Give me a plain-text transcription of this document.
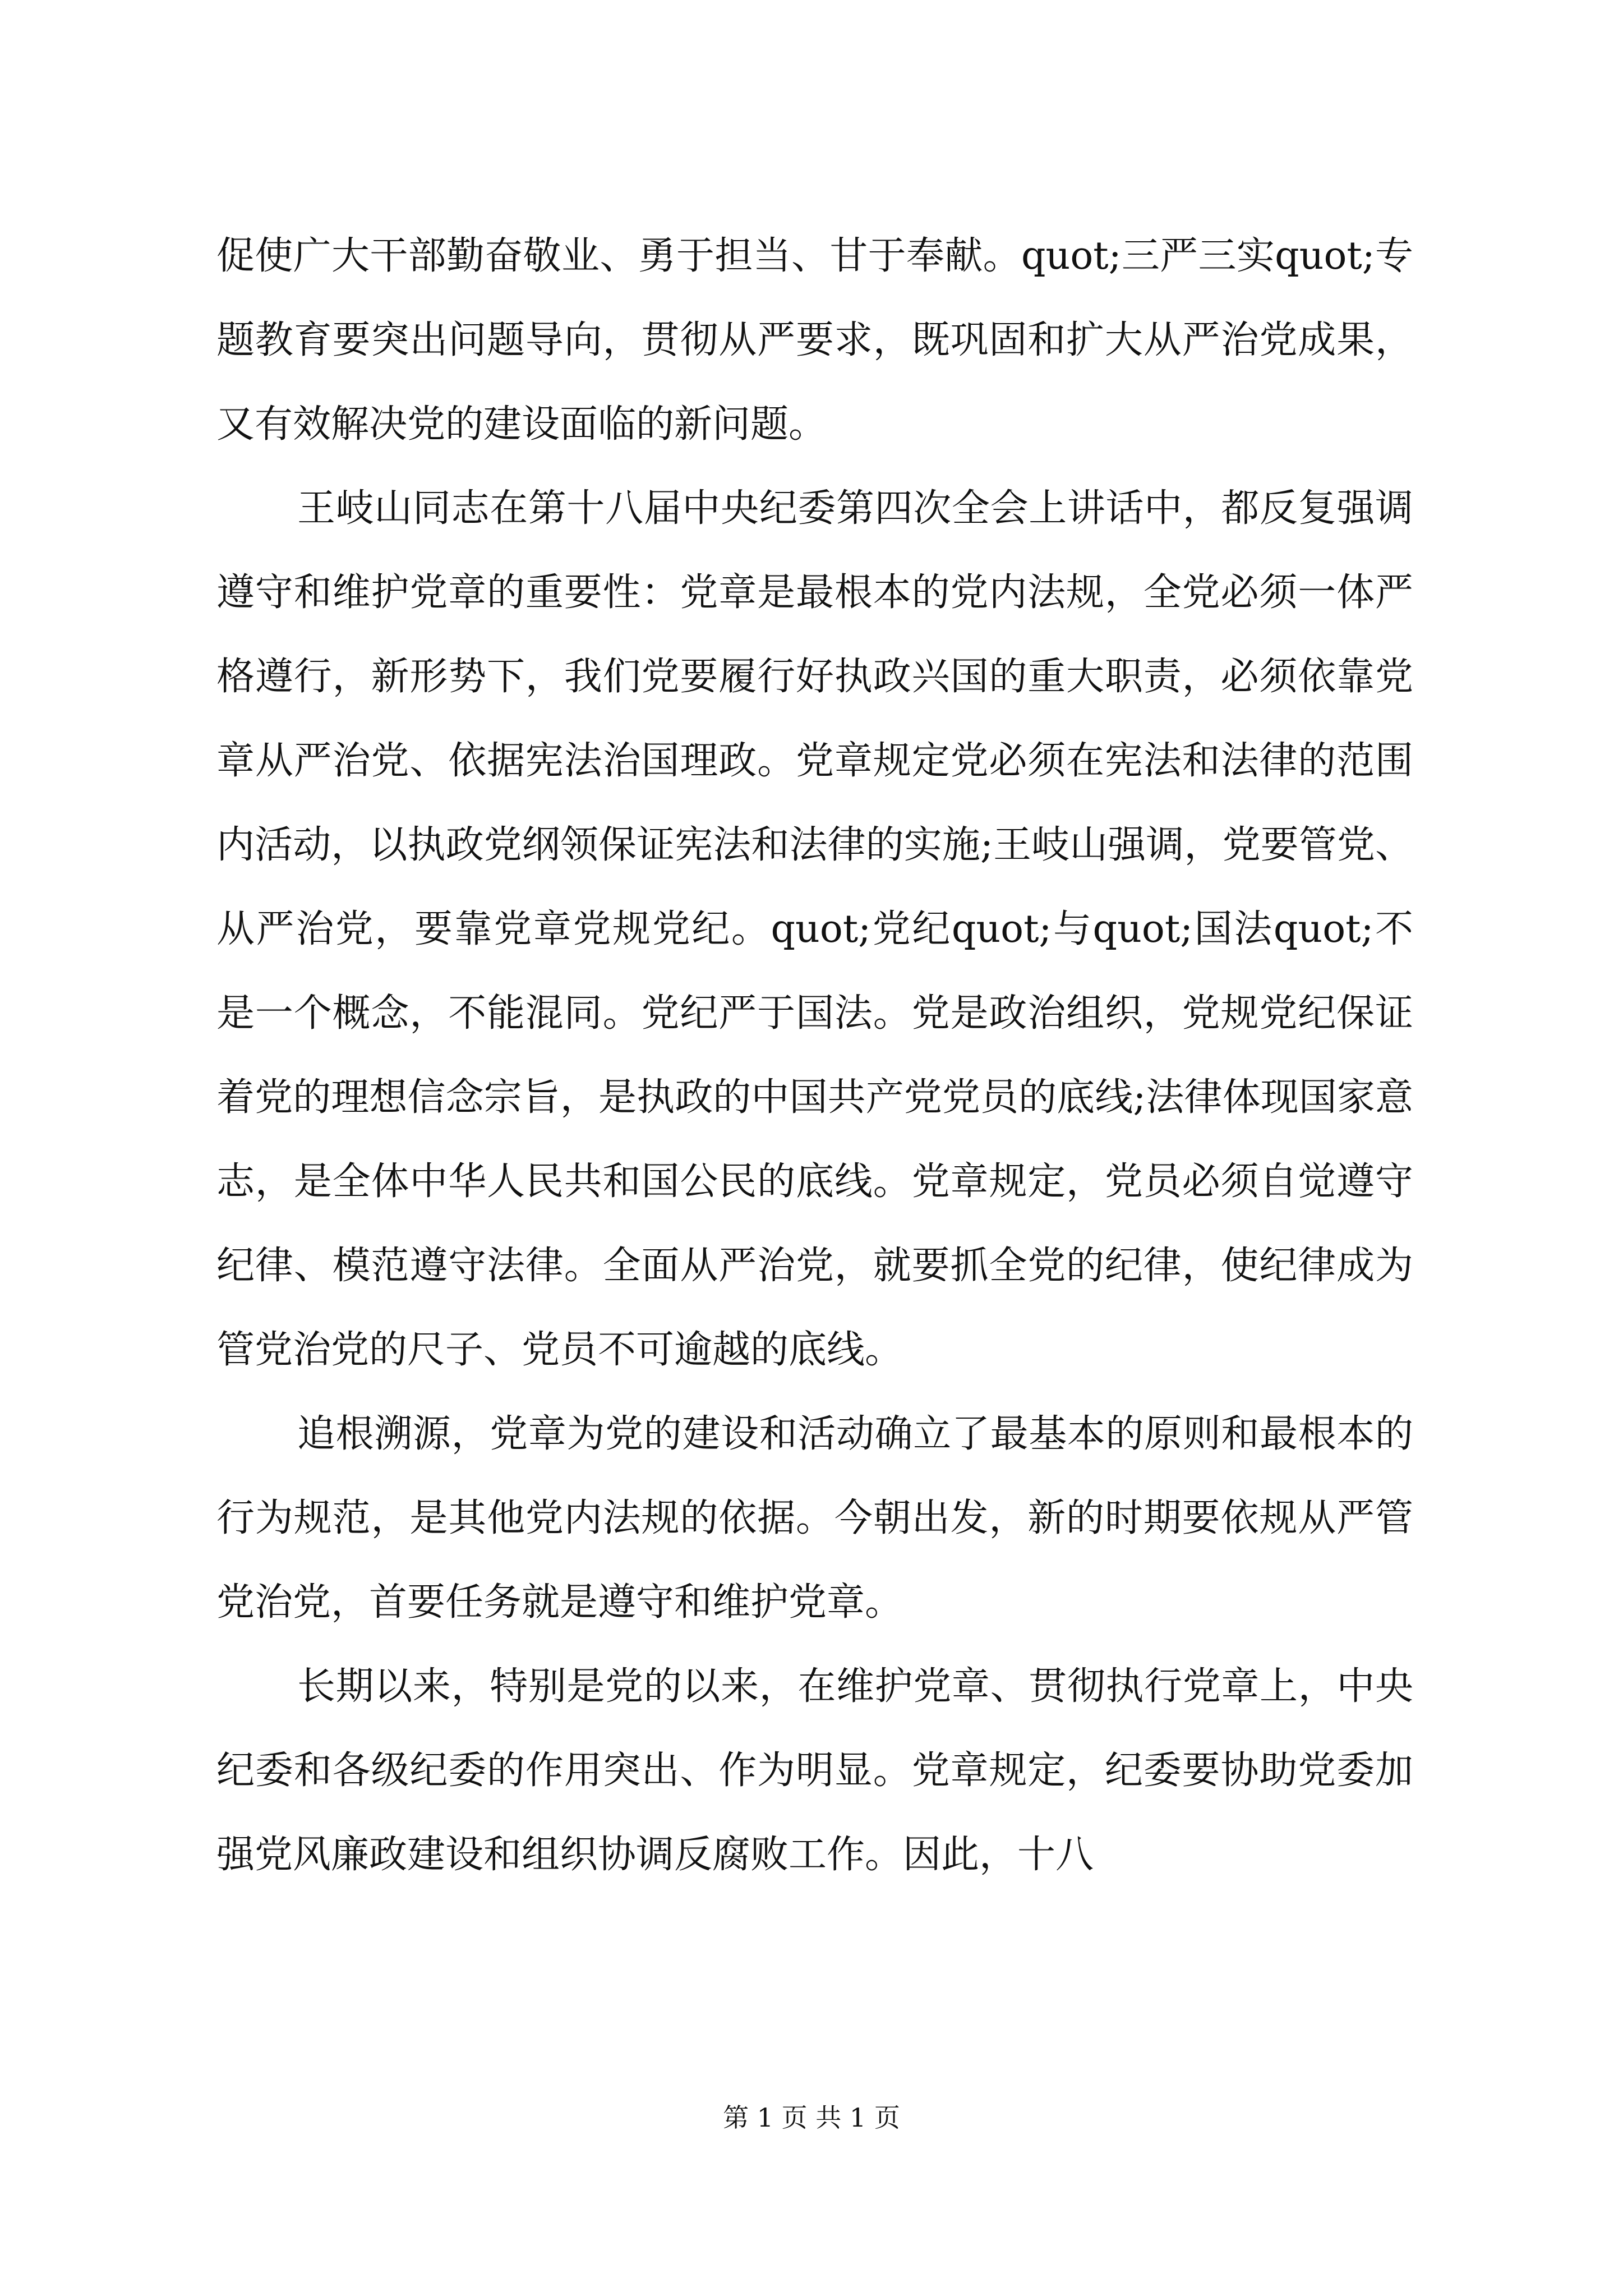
促使广大干部勤奋敬业、勇于担当、甘于奉献。quot;三严三实quot;专题教育要突出问题导向，贯彻从严要求，既巩固和扩大从严治党成果，又有效解决党的建设面临的新问题。

王岐山同志在第十八届中央纪委第四次全会上讲话中，都反复强调遵守和维护党章的重要性：党章是最根本的党内法规，全党必须一体严格遵行，新形势下，我们党要履行好执政兴国的重大职责，必须依靠党章从严治党、依据宪法治国理政。党章规定党必须在宪法和法律的范围内活动，以执政党纲领保证宪法和法律的实施;王岐山强调，党要管党、从严治党，要靠党章党规党纪。quot;党纪quot;与quot;国法quot;不是一个概念，不能混同。党纪严于国法。党是政治组织，党规党纪保证着党的理想信念宗旨，是执政的中国共产党党员的底线;法律体现国家意志，是全体中华人民共和国公民的底线。党章规定，党员必须自觉遵守纪律、模范遵守法律。全面从严治党，就要抓全党的纪律，使纪律成为管党治党的尺子、党员不可逾越的底线。

追根溯源，党章为党的建设和活动确立了最基本的原则和最根本的行为规范，是其他党内法规的依据。今朝出发，新的时期要依规从严管党治党，首要任务就是遵守和维护党章。

长期以来，特别是党的以来，在维护党章、贯彻执行党章上，中央纪委和各级纪委的作用突出、作为明显。党章规定，纪委要协助党委加强党风廉政建设和组织协调反腐败工作。因此，十八

第 1 页 共 1 页
